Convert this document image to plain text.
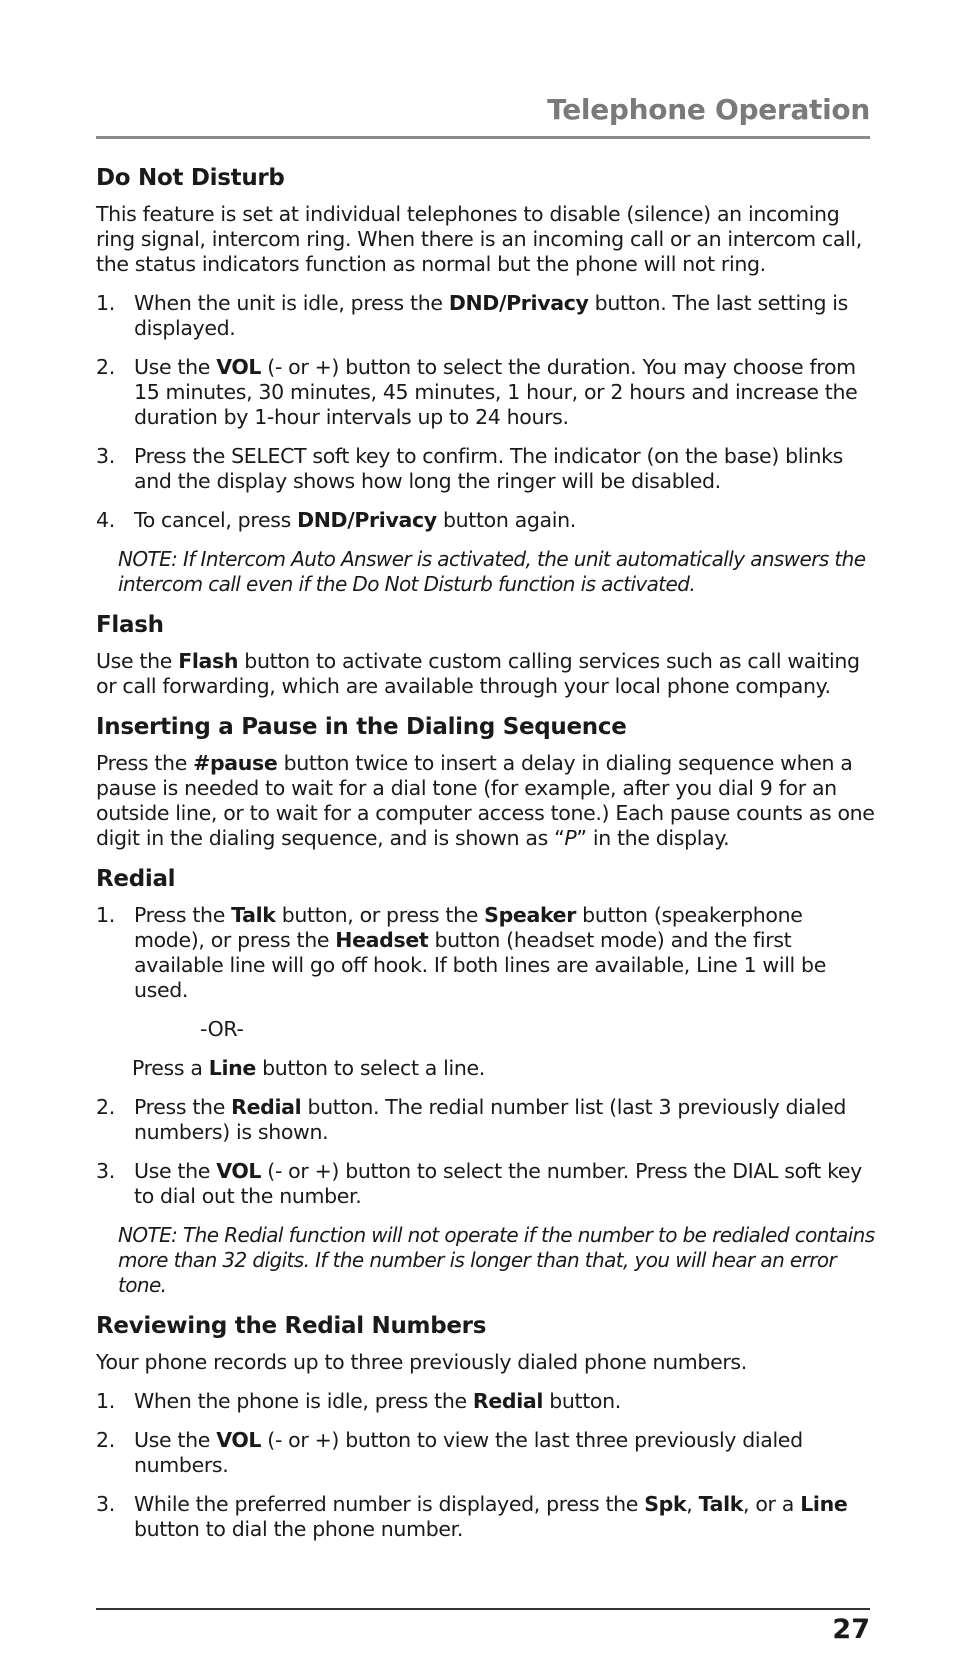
Telephone Operation
Do Not Disturb

This feature is set at individual telephones to disable (silence) an incoming ring signal, intercom ring. When there is an incoming call or an intercom call, the status indicators function as normal but the phone will not ring.

1. When the unit is idle, press the DND/Privacy button. The last setting is displayed.
2. Use the VOL (- or +) button to select the duration. You may choose from 15 minutes, 30 minutes, 45 minutes, 1 hour, or 2 hours and increase the duration by 1-hour intervals up to 24 hours.
3. Press the SELECT soft key to confirm. The indicator (on the base) blinks and the display shows how long the ringer will be disabled.
4. To cancel, press DND/Privacy button again.

NOTE: If Intercom Auto Answer is activated, the unit automatically answers the intercom call even if the Do Not Disturb function is activated.

Flash

Use the Flash button to activate custom calling services such as call waiting or call forwarding, which are available through your local phone company.

Inserting a Pause in the Dialing Sequence

Press the #pause button twice to insert a delay in dialing sequence when a pause is needed to wait for a dial tone (for example, after you dial 9 for an outside line, or to wait for a computer access tone.) Each pause counts as one digit in the dialing sequence, and is shown as “P” in the display.

Redial
1. Press the Talk button, or press the Speaker button (speakerphone mode), or press the Headset button (headset mode) and the first available line will go off hook. If both lines are available, Line 1 will be used.

-OR-

Press a Line button to select a line.

2. Press the Redial button. The redial number list (last 3 previously dialed numbers) is shown.
3. Use the VOL (- or +) button to select the number. Press the DIAL soft key to dial out the number.

NOTE: The Redial function will not operate if the number to be redialed contains more than 32 digits. If the number is longer than that, you will hear an error tone.

Reviewing the Redial Numbers

Your phone records up to three previously dialed phone numbers.

1. When the phone is idle, press the Redial button.
2. Use the VOL (- or +) button to view the last three previously dialed numbers.
3. While the preferred number is displayed, press the Spk, Talk, or a Line button to dial the phone number.
27
